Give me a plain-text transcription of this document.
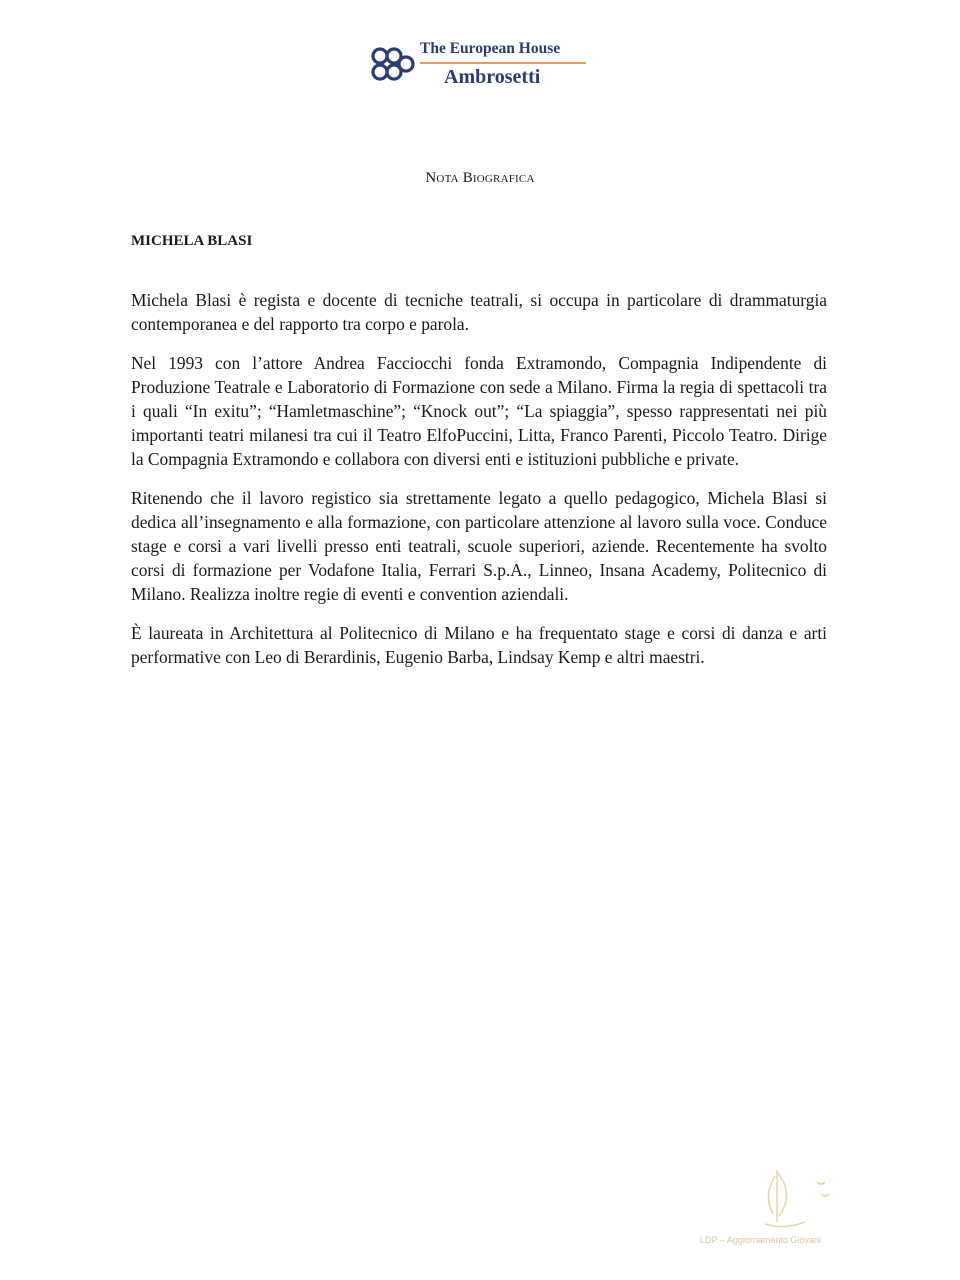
The European House
Ambrosetti
Nota Biografica
MICHELA BLASI

Michela Blasi è regista e docente di tecniche teatrali, si occupa in particolare di drammaturgia contemporanea e del rapporto tra corpo e parola.

Nel 1993 con l’attore Andrea Facciocchi fonda Extramondo, Compagnia Indipendente di Produzione Teatrale e Laboratorio di Formazione con sede a Milano. Firma la regia di spettacoli tra i quali “In exitu”; “Hamletmaschine”; “Knock out”; “La spiaggia”, spesso rappresentati nei più importanti teatri milanesi tra cui il Teatro ElfoPuccini, Litta, Franco Parenti, Piccolo Teatro. Dirige la Compagnia Extramondo e collabora con diversi enti e istituzioni pubbliche e private.

Ritenendo che il lavoro registico sia strettamente legato a quello pedagogico, Michela Blasi si dedica all’insegnamento e alla formazione, con particolare attenzione al lavoro sulla voce. Conduce stage e corsi a vari livelli presso enti teatrali, scuole superiori, aziende. Recentemente ha svolto corsi di formazione per Vodafone Italia, Ferrari S.p.A., Linneo, Insana Academy, Politecnico di Milano. Realizza inoltre regie di eventi e convention aziendali.

È laureata in Architettura al Politecnico di Milano e ha frequentato stage e corsi di danza e arti performative con Leo di Berardinis, Eugenio Barba, Lindsay Kemp e altri maestri.

LDP – Aggiornamento Giovani
